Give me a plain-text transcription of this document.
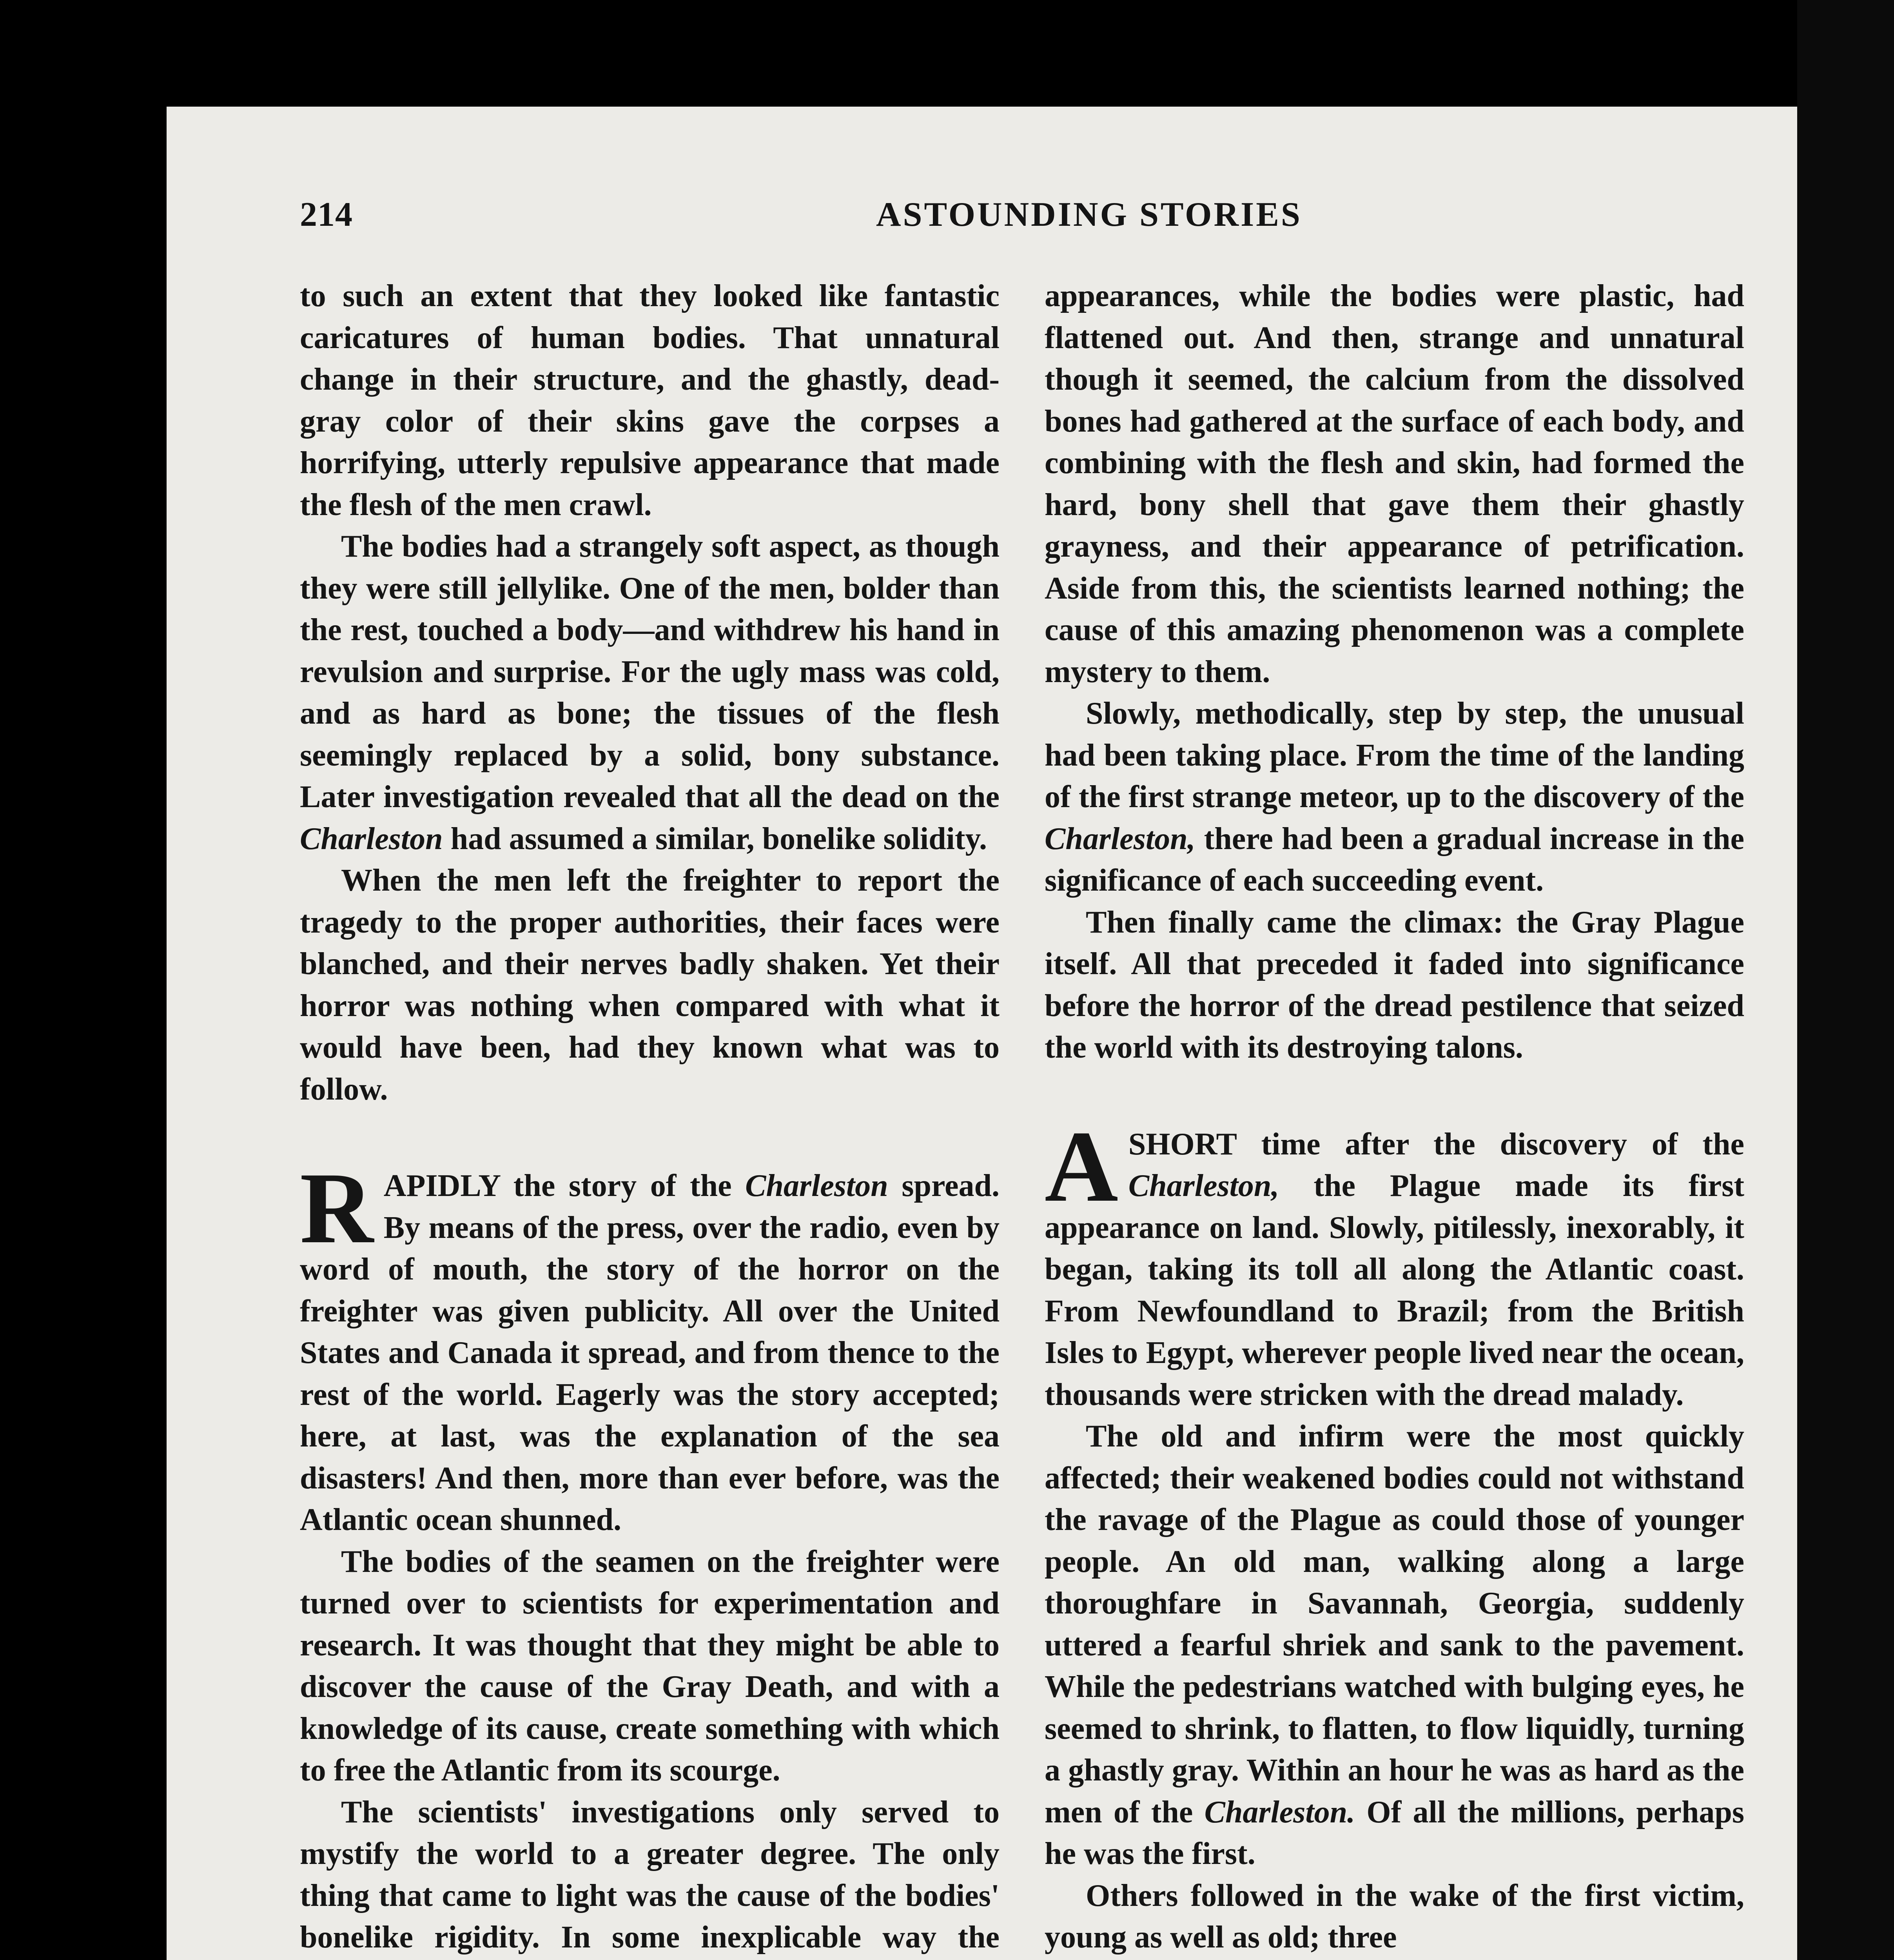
214	ASTOUNDING STORIES

to such an extent that they looked like fantastic caricatures of human bodies. That unnatural change in their structure, and the ghastly, dead-gray color of their skins gave the corpses a horrifying, utterly repulsive appearance that made the flesh of the men crawl.

The bodies had a strangely soft aspect, as though they were still jellylike. One of the men, bolder than the rest, touched a body—and withdrew his hand in revulsion and surprise. For the ugly mass was cold, and as hard as bone; the tissues of the flesh seemingly replaced by a solid, bony substance. Later investigation revealed that all the dead on the Charleston had assumed a similar, bonelike solidity.

When the men left the freighter to report the tragedy to the proper authorities, their faces were blanched, and their nerves badly shaken. Yet their horror was nothing when compared with what it would have been, had they known what was to follow.

RAPIDLY the story of the Charleston spread. By means of the press, over the radio, even by word of mouth, the story of the horror on the freighter was given publicity. All over the United States and Canada it spread, and from thence to the rest of the world. Eagerly was the story accepted; here, at last, was the explanation of the sea disasters! And then, more than ever before, was the Atlantic ocean shunned.

The bodies of the seamen on the freighter were turned over to scientists for experimentation and research. It was thought that they might be able to discover the cause of the Gray Death, and with a knowledge of its cause, create something with which to free the Atlantic from its scourge.

The scientists' investigations only served to mystify the world to a greater degree. The only thing that came to light was the cause of the bodies' bonelike rigidity. In some inexplicable way the

appearances, while the bodies were plastic, had flattened out. And then, strange and unnatural though it seemed, the calcium from the dissolved bones had gathered at the surface of each body, and combining with the flesh and skin, had formed the hard, bony shell that gave them their ghastly grayness, and their appearance of petrification. Aside from this, the scientists learned nothing; the cause of this amazing phenomenon was a complete mystery to them.

Slowly, methodically, step by step, the unusual had been taking place. From the time of the landing of the first strange meteor, up to the discovery of the Charleston, there had been a gradual increase in the significance of each succeeding event.

Then finally came the climax: the Gray Plague itself. All that preceded it faded into significance before the horror of the dread pestilence that seized the world with its destroying talons.

ASHORT time after the discovery of the Charleston, the Plague made its first appearance on land. Slowly, pitilessly, inexorably, it began, taking its toll all along the Atlantic coast. From Newfoundland to Brazil; from the British Isles to Egypt, wherever people lived near the ocean, thousands were stricken with the dread malady.

The old and infirm were the most quickly affected; their weakened bodies could not withstand the ravage of the Plague as could those of younger people. An old man, walking along a large thoroughfare in Savannah, Georgia, suddenly uttered a fearful shriek and sank to the pavement. While the pedestrians watched with bulging eyes, he seemed to shrink, to flatten, to flow liquidly, turning a ghastly gray. Within an hour he was as hard as the men of the Charleston. Of all the millions, perhaps he was the first.

Others followed in the wake of the first victim, young as well as old; three
